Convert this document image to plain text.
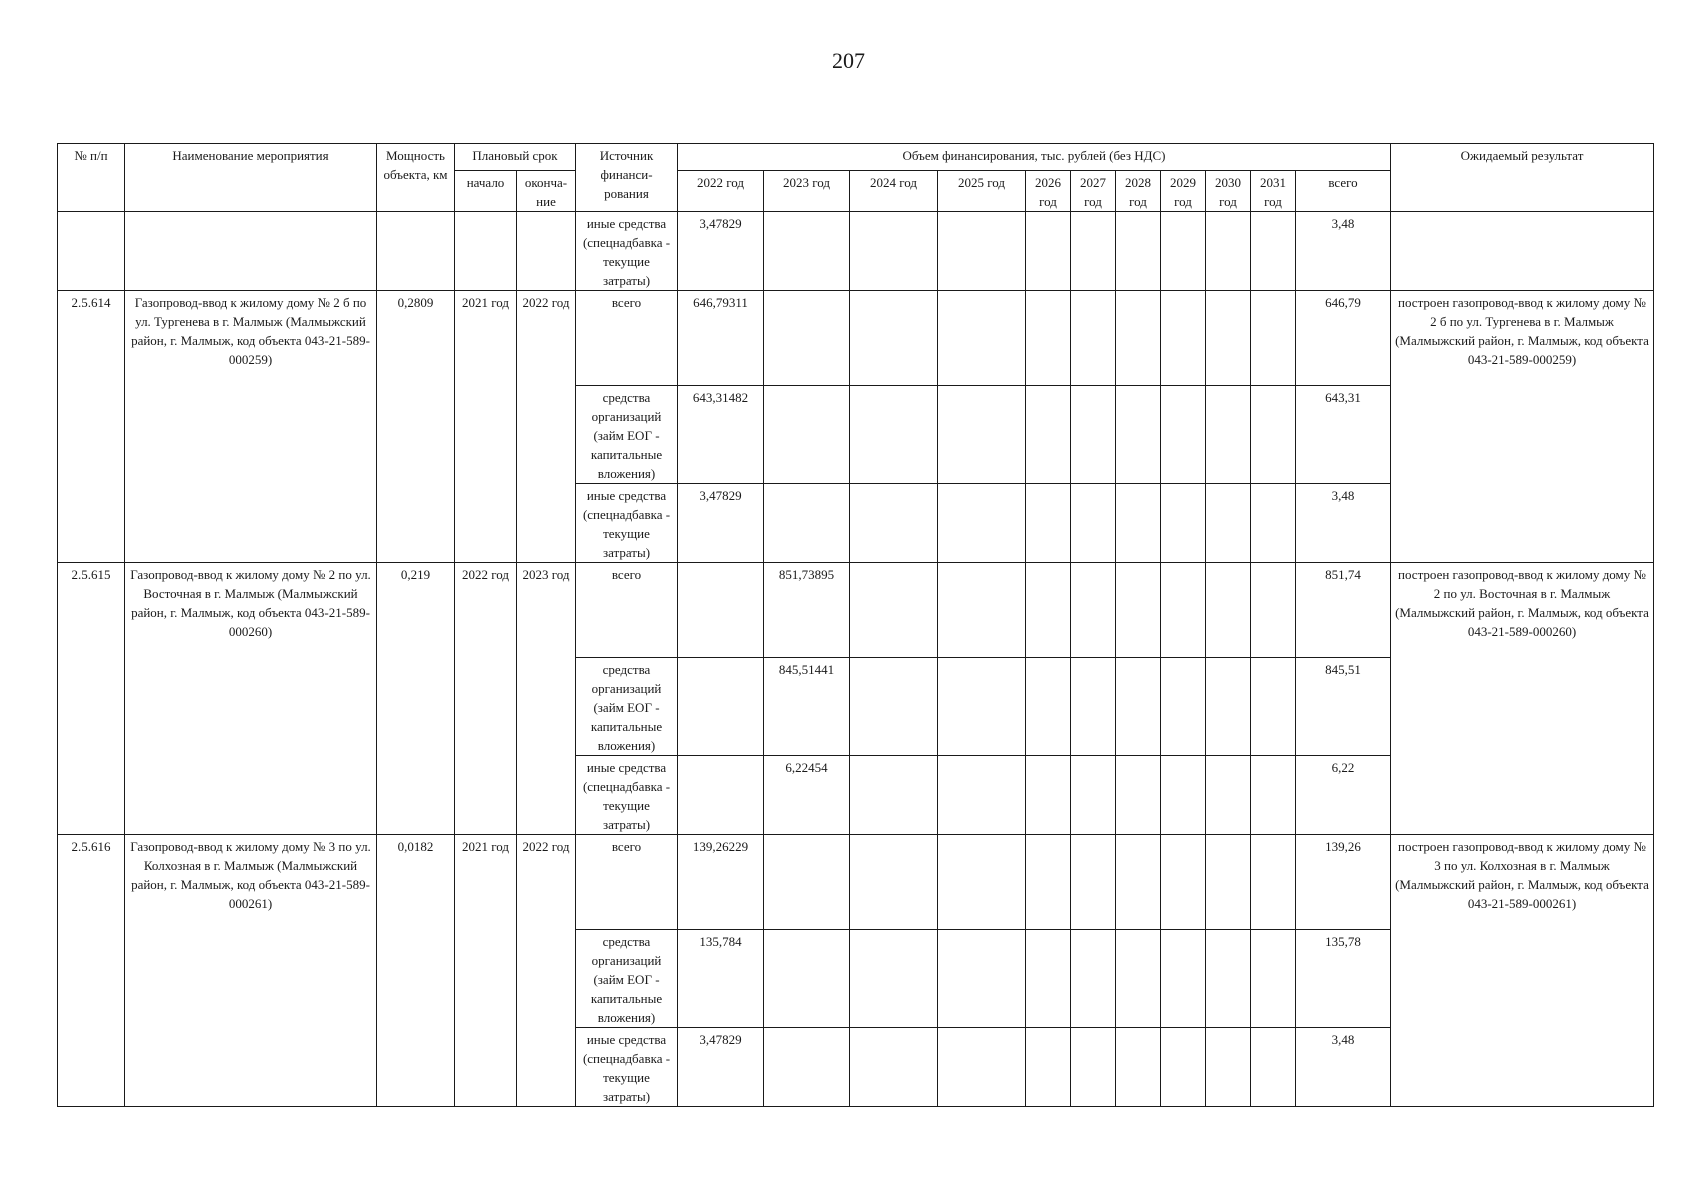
207
№ п/п	Наименование мероприятия	Мощность объекта, км	Плановый срок		Источник финанси-рования	Объем финансирования, тыс. рублей (без НДС)											Ожидаемый результат
			начало	оконча-ние		2022 год	2023 год	2024 год	2025 год	2026 год	2027 год	2028 год	2029 год	2030 год	2031 год	всего	
					иные средства (спецнадбавка - текущие затраты)	3,47829										3,48	
2.5.614	Газопровод-ввод к жилому дому № 2 б по ул. Тургенева в г. Малмыж (Малмыжский район, г. Малмыж, код объекта 043-21-589-000259)	0,2809	2021 год	2022 год	всего	646,79311										646,79	построен газопровод-ввод к жилому дому № 2 б по ул. Тургенева в г. Малмыж (Малмыжский район, г. Малмыж, код объекта 043-21-589-000259)
					средства организаций (займ ЕОГ - капитальные вложения)	643,31482										643,31	
					иные средства (спецнадбавка - текущие затраты)	3,47829										3,48	
2.5.615	Газопровод-ввод к жилому дому № 2 по ул. Восточная в г. Малмыж (Малмыжский район, г. Малмыж, код объекта 043-21-589-000260)	0,219	2022 год	2023 год	всего		851,73895									851,74	построен газопровод-ввод к жилому дому № 2 по ул. Восточная в г. Малмыж (Малмыжский район, г. Малмыж, код объекта 043-21-589-000260)
					средства организаций (займ ЕОГ - капитальные вложения)		845,51441									845,51	
					иные средства (спецнадбавка - текущие затраты)		6,22454									6,22	
2.5.616	Газопровод-ввод к жилому дому № 3 по ул. Колхозная в г. Малмыж (Малмыжский район, г. Малмыж, код объекта 043-21-589-000261)	0,0182	2021 год	2022 год	всего	139,26229										139,26	построен газопровод-ввод к жилому дому № 3 по ул. Колхозная в г. Малмыж (Малмыжский район, г. Малмыж, код объекта 043-21-589-000261)
					средства организаций (займ ЕОГ - капитальные вложения)	135,784										135,78	
					иные средства (спецнадбавка - текущие затраты)	3,47829										3,48	
